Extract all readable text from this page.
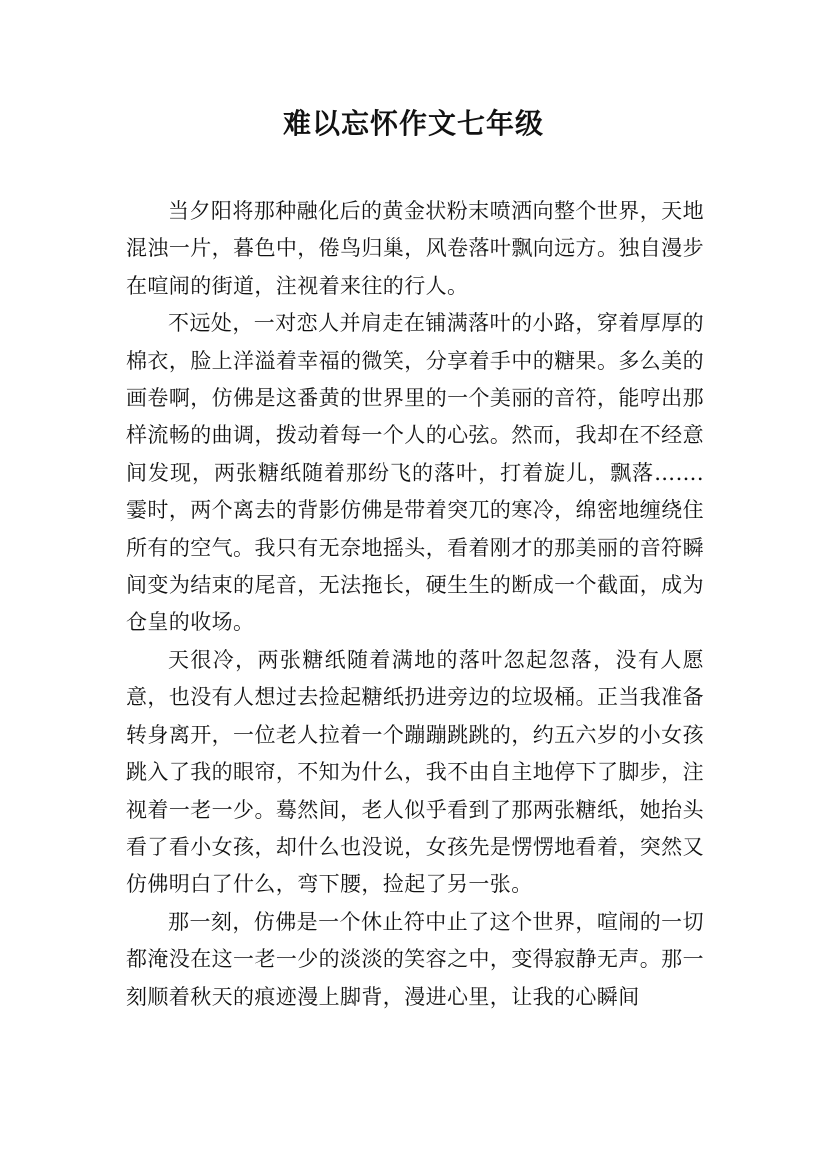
难以忘怀作文七年级

当夕阳将那种融化后的黄金状粉末喷洒向整个世界，天地混浊一片，暮色中，倦鸟归巢，风卷落叶飘向远方。独自漫步在喧闹的街道，注视着来往的行人。

不远处，一对恋人并肩走在铺满落叶的小路，穿着厚厚的棉衣，脸上洋溢着幸福的微笑，分享着手中的糖果。多么美的画卷啊，仿佛是这番黄的世界里的一个美丽的音符，能哼出那样流畅的曲调，拨动着每一个人的心弦。然而，我却在不经意间发现，两张糖纸随着那纷飞的落叶，打着旋儿，飘落…….霎时，两个离去的背影仿佛是带着突兀的寒冷，绵密地缠绕住所有的空气。我只有无奈地摇头，看着刚才的那美丽的音符瞬间变为结束的尾音，无法拖长，硬生生的断成一个截面，成为仓皇的收场。

天很冷，两张糖纸随着满地的落叶忽起忽落，没有人愿意，也没有人想过去捡起糖纸扔进旁边的垃圾桶。正当我准备转身离开，一位老人拉着一个蹦蹦跳跳的，约五六岁的小女孩跳入了我的眼帘，不知为什么，我不由自主地停下了脚步，注视着一老一少。蓦然间，老人似乎看到了那两张糖纸，她抬头看了看小女孩，却什么也没说，女孩先是愣愣地看着，突然又仿佛明白了什么，弯下腰，捡起了另一张。

那一刻，仿佛是一个休止符中止了这个世界，喧闹的一切都淹没在这一老一少的淡淡的笑容之中，变得寂静无声。那一刻顺着秋天的痕迹漫上脚背，漫进心里，让我的心瞬间
